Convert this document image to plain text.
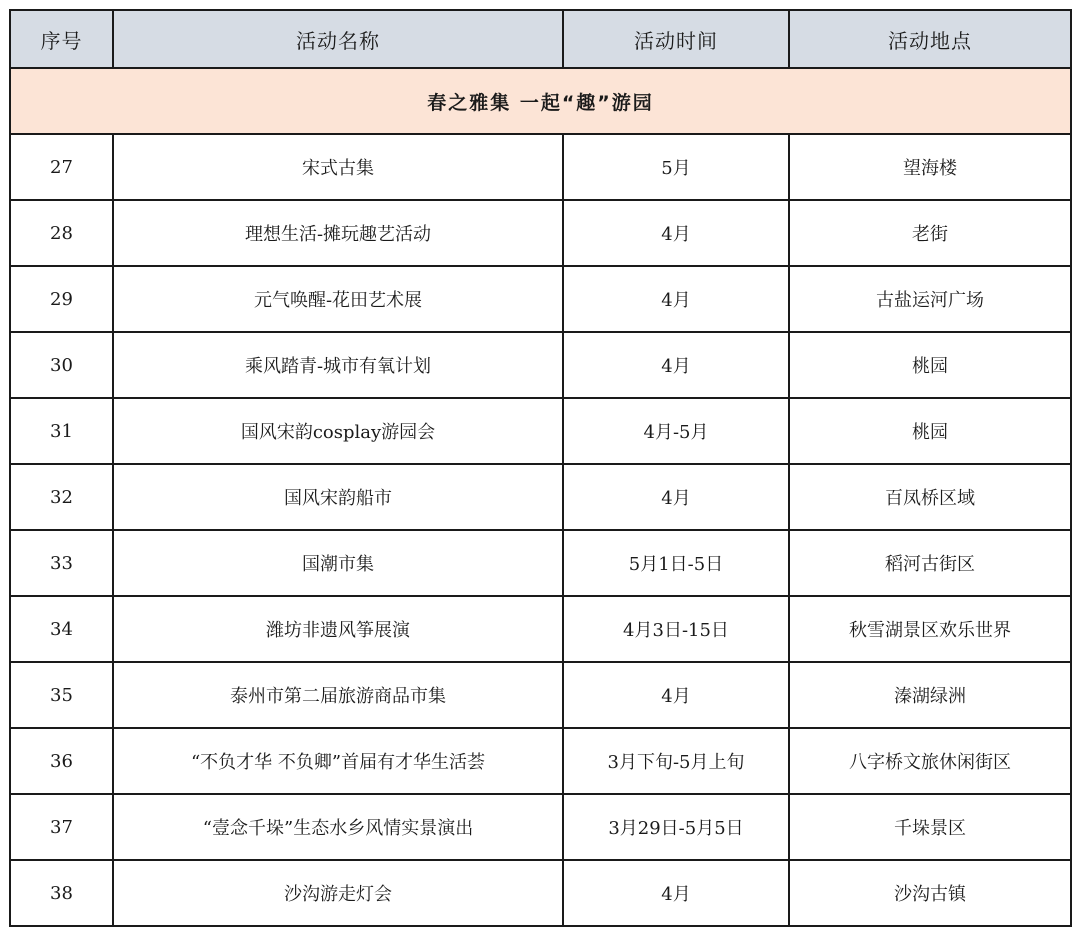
序号	活动名称	活动时间	活动地点
春之雅集 一起“趣”游园			
27	宋式古集	5月	望海楼
28	理想生活-摊玩趣艺活动	4月	老街
29	元气唤醒-花田艺术展	4月	古盐运河广场
30	乘风踏青-城市有氧计划	4月	桃园
31	国风宋韵cosplay游园会	4月-5月	桃园
32	国风宋韵船市	4月	百凤桥区域
33	国潮市集	5月1日-5日	稻河古街区
34	潍坊非遗风筝展演	4月3日-15日	秋雪湖景区欢乐世界
35	泰州市第二届旅游商品市集	4月	溱湖绿洲
36	“不负才华 不负卿”首届有才华生活荟	3月下旬-5月上旬	八字桥文旅休闲街区
37	“壹念千垛”生态水乡风情实景演出	3月29日-5月5日	千垛景区
38	沙沟游走灯会	4月	沙沟古镇
